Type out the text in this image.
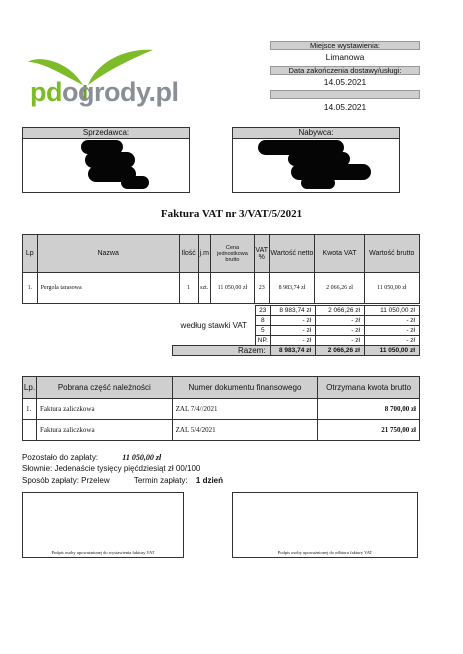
pdogrody.pl
Miejsce wystawienia:
Limanowa
Data zakończenia dostawy/usługi:
14.05.2021
14.05.2021
Sprzedawca:	Nabywca:
Faktura VAT nr 3/VAT/5/2021
Lp	Nazwa	Ilość	j.m	Cena jednostkowa brutto	VAT %	Wartość netto	Kwota VAT	Wartość brutto
1.	Pergola tarasowa	1	szt.	11 050,00 zł	23	8 983,74 zł	2 066,26 zł	11 050,00 zł
według stawki VAT	23	8 983,74 zł	2 066,26 zł	11 050,00 zł
	8	- zł	- zł	- zł
	5	- zł	- zł	- zł
	NP.	- zł	- zł	- zł
Razem:		8 983,74 zł	2 066,26 zł	11 050,00 zł
Lp.	Pobrana część należności	Numer dokumentu finansowego	Otrzymana kwota brutto
1.	Faktura zaliczkowa	ZAL 7/4//2021	8 700,00 zł
	Faktura zaliczkowa	ZAL 5/4/2021	21 750,00 zł
Pozostało do zapłaty:	11 050,00 zł
Słownie: Jedenaście tysięcy pięćdziesiąt zł 00/100
Sposób zapłaty: Przelew	Termin zapłaty: 1 dzień
Podpis osoby upoważnionej do wystawienia faktury VAT	Podpis osoby upoważnionej do odbioru faktury VAT
